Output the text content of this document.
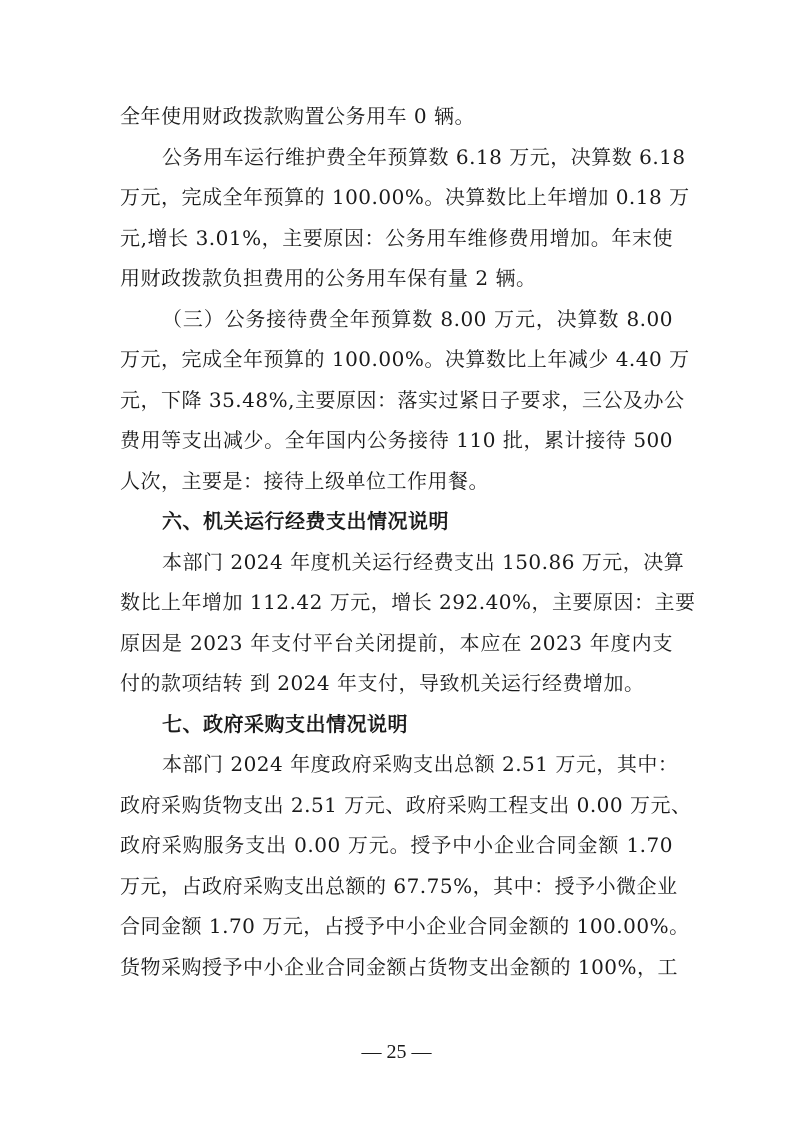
全年使用财政拨款购置公务用车 0 辆。
公务用车运行维护费全年预算数 6.18 万元，决算数 6.18
万元，完成全年预算的 100.00%。决算数比上年增加 0.18 万
元,增长 3.01%，主要原因：公务用车维修费用增加。年末使
用财政拨款负担费用的公务用车保有量 2 辆。
（三）公务接待费全年预算数 8.00 万元，决算数 8.00
万元，完成全年预算的 100.00%。决算数比上年减少 4.40 万
元，下降 35.48%,主要原因：落实过紧日子要求，三公及办公
费用等支出减少。全年国内公务接待 110 批，累计接待 500
人次，主要是：接待上级单位工作用餐。
六、机关运行经费支出情况说明
本部门 2024 年度机关运行经费支出 150.86 万元，决算
数比上年增加 112.42 万元，增长 292.40%，主要原因：主要
原因是 2023 年支付平台关闭提前，本应在 2023 年度内支
付的款项结转 到 2024 年支付，导致机关运行经费增加。
七、政府采购支出情况说明
本部门 2024 年度政府采购支出总额 2.51 万元，其中：
政府采购货物支出 2.51 万元、政府采购工程支出 0.00 万元、
政府采购服务支出 0.00 万元。授予中小企业合同金额 1.70
万元，占政府采购支出总额的 67.75%，其中：授予小微企业
合同金额 1.70 万元，占授予中小企业合同金额的 100.00%。
货物采购授予中小企业合同金额占货物支出金额的 100%，工
— 25 —
